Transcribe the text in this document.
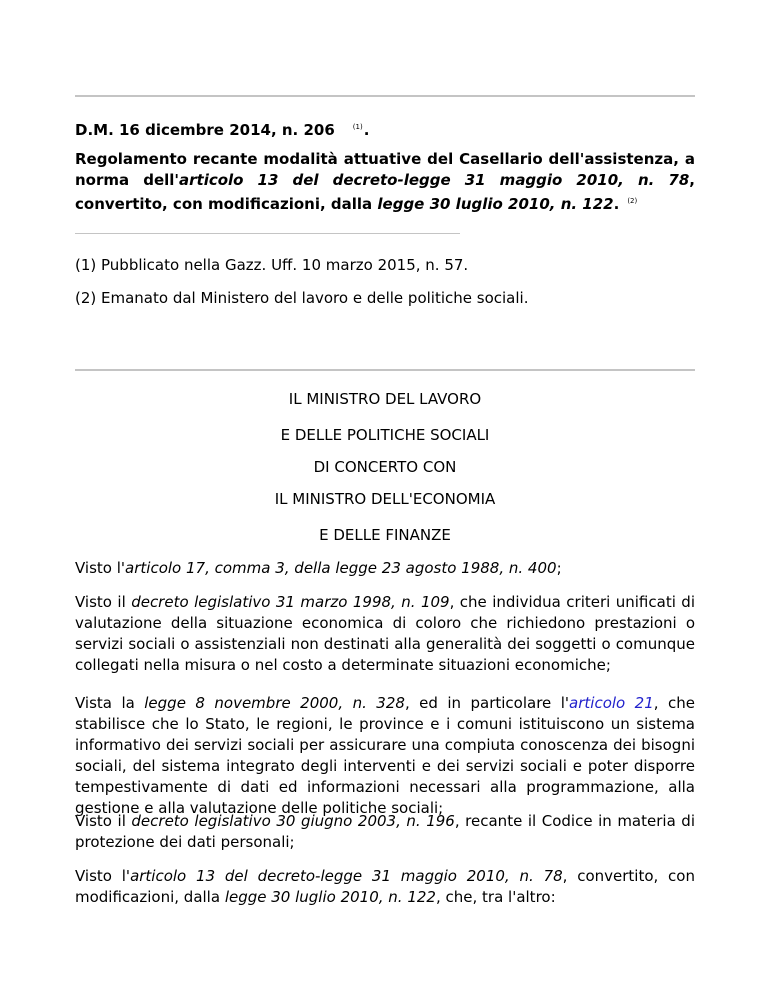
D.M. 16 dicembre 2014, n. 206	$^{(1)}$.
Regolamento recante modalità attuative del Casellario dell'assistenza, a norma dell'articolo 13 del decreto-legge 31 maggio 2010, n. 78, convertito, con modificazioni, dalla legge 30 luglio 2010, n. 122. $^{(2)}$
(1) Pubblicato nella Gazz. Uff. 10 marzo 2015, n. 57.
(2) Emanato dal Ministero del lavoro e delle politiche sociali.
IL MINISTRO DEL LAVORO
E DELLE POLITICHE SOCIALI
DI CONCERTO CON
IL MINISTRO DELL'ECONOMIA
E DELLE FINANZE
Visto l'articolo 17, comma 3, della legge 23 agosto 1988, n. 400;
Visto il decreto legislativo 31 marzo 1998, n. 109, che individua criteri unificati di valutazione della situazione economica di coloro che richiedono prestazioni o servizi sociali o assistenziali non destinati alla generalità dei soggetti o comunque collegati nella misura o nel costo a determinate situazioni economiche;
Vista la legge 8 novembre 2000, n. 328, ed in particolare l'articolo 21, che stabilisce che lo Stato, le regioni, le province e i comuni istituiscono un sistema informativo dei servizi sociali per assicurare una compiuta conoscenza dei bisogni sociali, del sistema integrato degli interventi e dei servizi sociali e poter disporre tempestivamente di dati ed informazioni necessari alla programmazione, alla gestione e alla valutazione delle politiche sociali;
Visto il decreto legislativo 30 giugno 2003, n. 196, recante il Codice in materia di protezione dei dati personali;
Visto l'articolo 13 del decreto-legge 31 maggio 2010, n. 78, convertito, con modificazioni, dalla legge 30 luglio 2010, n. 122, che, tra l'altro:
